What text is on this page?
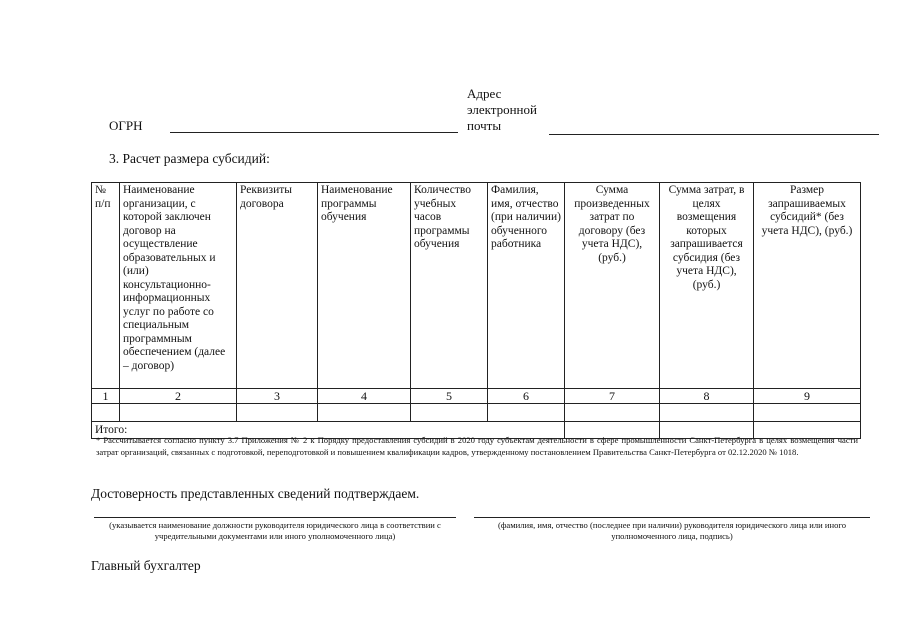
ОГРН
Адрес
электронной
почты
3. Расчет размера субсидий:
№ п/п	Наименование организации, с которой заключен договор на осуществление образовательных и (или) консультационно-информационных услуг по работе со специальным программным обеспечением (далее – договор)	Реквизиты договора	Наименование программы обучения	Количество учебных часов программы обучения	Фамилия, имя, отчество (при наличии) обученного работника	Сумма произведенных затрат по договору (без учета НДС), (руб.)	Сумма затрат, в целях возмещения которых запрашивается субсидия (без учета НДС), (руб.)	Размер запрашиваемых субсидий* (без учета НДС), (руб.)
1	2	3	4	5	6	7	8	9

Итого:								
* Рассчитывается согласно пункту 3.7 Приложения № 2 к Порядку предоставления субсидий в 2020 году субъектам деятельности в сфере промышленности Санкт-Петербурга в целях возмещения части затрат организаций, связанных с подготовкой, переподготовкой и повышением квалификации кадров, утвержденному постановлением Правительства Санкт-Петербурга от 02.12.2020 № 1018.
Достоверность представленных сведений подтверждаем.
(указывается наименование должности руководителя юридического лица в соответствии с учредительными документами или иного уполномоченного лица)
(фамилия, имя, отчество (последнее при наличии) руководителя юридического лица или иного уполномоченного лица, подпись)
Главный бухгалтер
